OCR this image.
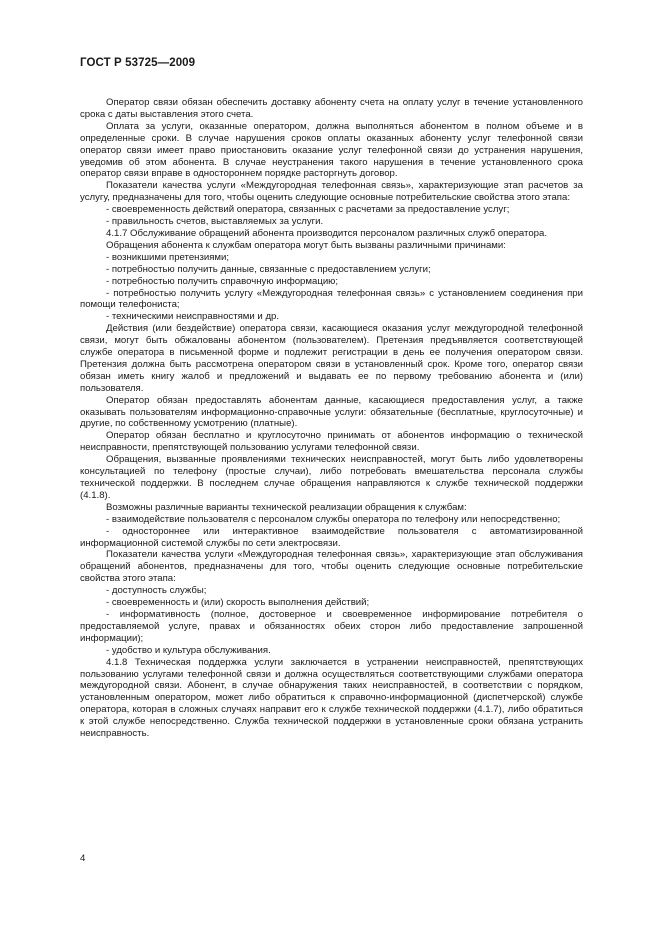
ГОСТ Р 53725—2009

Оператор связи обязан обеспечить доставку абоненту счета на оплату услуг в течение установленного срока с даты выставления этого счета.

Оплата за услуги, оказанные оператором, должна выполняться абонентом в полном объеме и в определенные сроки. В случае нарушения сроков оплаты оказанных абоненту услуг телефонной связи оператор связи имеет право приостановить оказание услуг телефонной связи до устранения нарушения, уведомив об этом абонента. В случае неустранения такого нарушения в течение установленного срока оператор связи вправе в одностороннем порядке расторгнуть договор.

Показатели качества услуги «Междугородная телефонная связь», характеризующие этап расчетов за услугу, предназначены для того, чтобы оценить следующие основные потребительские свойства этого этапа:

- своевременность действий оператора, связанных с расчетами за предоставление услуг;

- правильность счетов, выставляемых за услуги.

4.1.7 Обслуживание обращений абонента производится персоналом различных служб оператора.

Обращения абонента к службам оператора могут быть вызваны различными причинами:

- возникшими претензиями;

- потребностью получить данные, связанные с предоставлением услуги;

- потребностью получить справочную информацию;

- потребностью получить услугу «Междугородная телефонная связь» с установлением соединения при помощи телефониста;

- техническими неисправностями и др.

Действия (или бездействие) оператора связи, касающиеся оказания услуг междугородной телефонной связи, могут быть обжалованы абонентом (пользователем). Претензия предъявляется соответствующей службе оператора в письменной форме и подлежит регистрации в день ее получения оператором связи. Претензия должна быть рассмотрена оператором связи в установленный срок. Кроме того, оператор связи обязан иметь книгу жалоб и предложений и выдавать ее по первому требованию абонента и (или) пользователя.

Оператор обязан предоставлять абонентам данные, касающиеся предоставления услуг, а также оказывать пользователям информационно-справочные услуги: обязательные (бесплатные, круглосуточные) и другие, по собственному усмотрению (платные).

Оператор обязан бесплатно и круглосуточно принимать от абонентов информацию о технической неисправности, препятствующей пользованию услугами телефонной связи.

Обращения, вызванные проявлениями технических неисправностей, могут быть либо удовлетворены консультацией по телефону (простые случаи), либо потребовать вмешательства персонала службы технической поддержки. В последнем случае обращения направляются к службе технической поддержки (4.1.8).

Возможны различные варианты технической реализации обращения к службам:

- взаимодействие пользователя с персоналом службы оператора по телефону или непосредственно;

- одностороннее или интерактивное взаимодействие пользователя с автоматизированной информационной системой службы по сети электросвязи.

Показатели качества услуги «Междугородная телефонная связь», характеризующие этап обслуживания обращений абонентов, предназначены для того, чтобы оценить следующие основные потребительские свойства этого этапа:

- доступность службы;

- своевременность и (или) скорость выполнения действий;

- информативность (полное, достоверное и своевременное информирование потребителя о предоставляемой услуге, правах и обязанностях обеих сторон либо предоставление запрошенной информации);

- удобство и культура обслуживания.

4.1.8 Техническая поддержка услуги заключается в устранении неисправностей, препятствующих пользованию услугами телефонной связи и должна осуществляться соответствующими службами оператора междугородной связи. Абонент, в случае обнаружения таких неисправностей, в соответствии с порядком, установленным оператором, может либо обратиться к справочно-информационной (диспетчерской) службе оператора, которая в сложных случаях направит его к службе технической поддержки (4.1.7), либо обратиться к этой службе непосредственно. Служба технической поддержки в установленные сроки обязана устранить неисправность.

4
